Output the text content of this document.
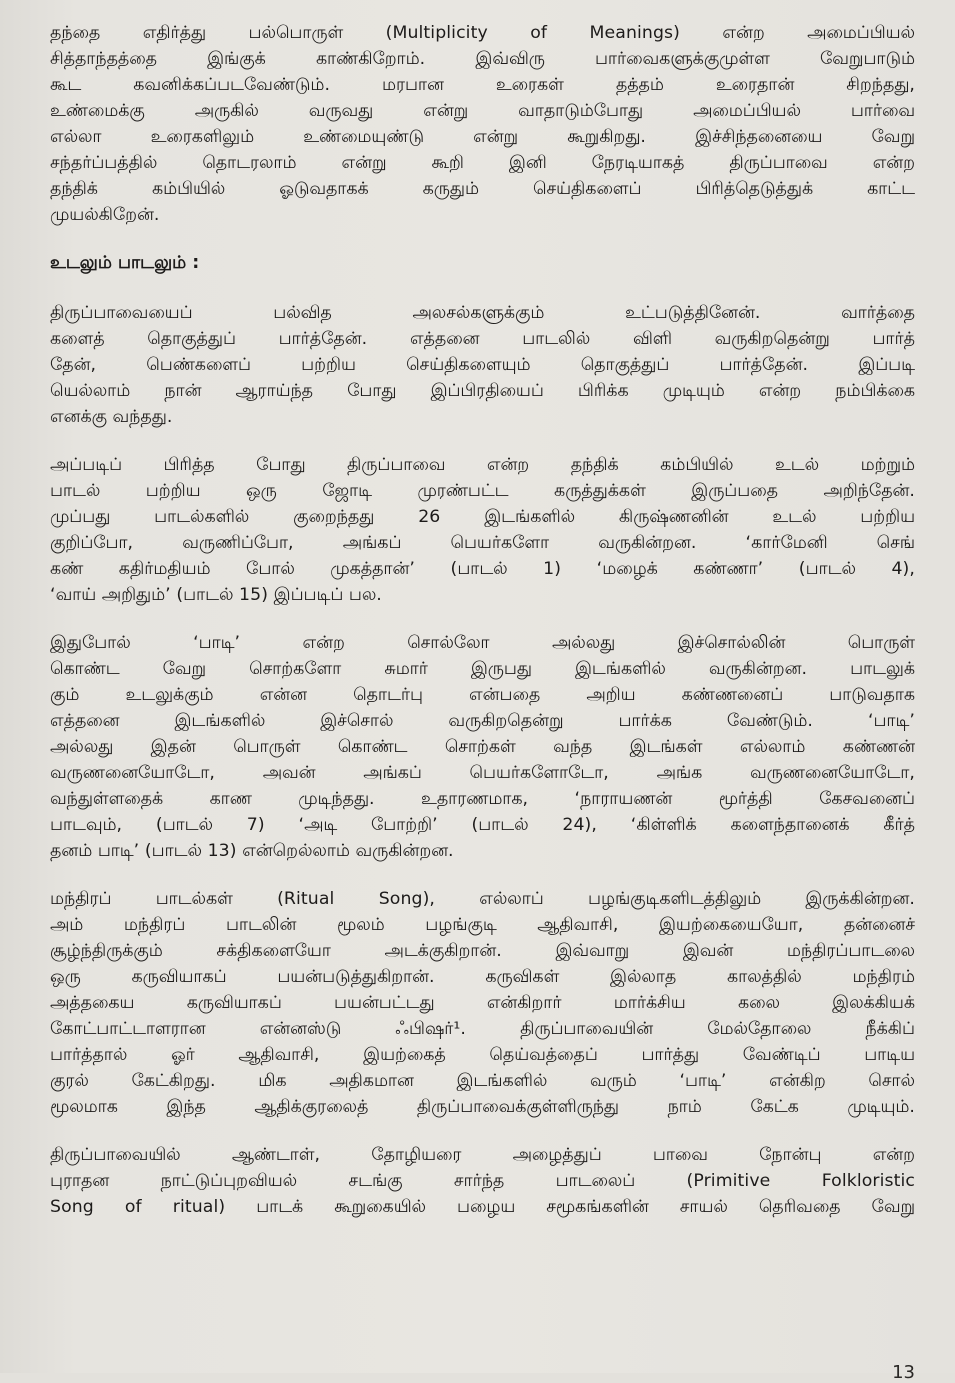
தந்தை எதிர்த்து பல்பொருள் (Multiplicity of Meanings) என்ற அமைப்பியல்
சித்தாந்தத்தை இங்குக் காண்கிறோம். இவ்விரு பார்வைகளுக்குமுள்ள வேறுபாடும்
கூட கவனிக்கப்படவேண்டும். மரபான உரைகள் தத்தம் உரைதான் சிறந்தது,
உண்மைக்கு அருகில் வருவது என்று வாதாடும்போது அமைப்பியல் பார்வை
எல்லா உரைகளிலும் உண்மையுண்டு என்று கூறுகிறது. இச்சிந்தனையை வேறு
சந்தர்ப்பத்தில் தொடரலாம் என்று கூறி இனி நேரடியாகத் திருப்பாவை என்ற
தந்திக் கம்பியில் ஓடுவதாகக் கருதும் செய்திகளைப் பிரித்தெடுத்துக் காட்ட
முயல்கிறேன்.
உடலும் பாடலும் :
திருப்பாவையைப் பல்வித அலசல்களுக்கும் உட்படுத்தினேன். வார்த்தை
களைத் தொகுத்துப் பார்த்தேன். எத்தனை பாடலில் விளி வருகிறதென்று பார்த்
தேன், பெண்களைப் பற்றிய செய்திகளையும் தொகுத்துப் பார்த்தேன். இப்படி
யெல்லாம் நான் ஆராய்ந்த போது இப்பிரதியைப் பிரிக்க முடியும் என்ற நம்பிக்கை
எனக்கு வந்தது.
அப்படிப் பிரித்த போது திருப்பாவை என்ற தந்திக் கம்பியில் உடல் மற்றும்
பாடல் பற்றிய ஒரு ஜோடி முரண்பட்ட கருத்துக்கள் இருப்பதை அறிந்தேன்.
முப்பது பாடல்களில் குறைந்தது 26 இடங்களில் கிருஷ்ணனின் உடல் பற்றிய
குறிப்போ, வருணிப்போ, அங்கப் பெயர்களோ வருகின்றன. ‘கார்மேனி செங்
கண் கதிர்மதியம் போல் முகத்தான்’ (பாடல் 1) ‘மழைக் கண்ணா’ (பாடல் 4),
‘வாய் அறிதும்’ (பாடல் 15) இப்படிப் பல.
இதுபோல் ‘பாடி’ என்ற சொல்லோ அல்லது இச்சொல்லின் பொருள்
கொண்ட வேறு சொற்களோ சுமார் இருபது இடங்களில் வருகின்றன. பாடலுக்
கும் உடலுக்கும் என்ன தொடர்பு என்பதை அறிய கண்ணனைப் பாடுவதாக
எத்தனை இடங்களில் இச்சொல் வருகிறதென்று பார்க்க வேண்டும். ‘பாடி’
அல்லது இதன் பொருள் கொண்ட சொற்கள் வந்த இடங்கள் எல்லாம் கண்ணன்
வருணனையோடோ, அவன் அங்கப் பெயர்களோடோ, அங்க வருணனையோடோ,
வந்துள்ளதைக் காண முடிந்தது. உதாரணமாக, ‘நாராயணன் மூர்த்தி கேசவனைப்
பாடவும், (பாடல் 7) ‘அடி போற்றி’ (பாடல் 24), ‘கிள்ளிக் களைந்தானைக் கீர்த்
தனம் பாடி’ (பாடல் 13) என்றெல்லாம் வருகின்றன.
மந்திரப் பாடல்கள் (Ritual Song), எல்லாப் பழங்குடிகளிடத்திலும் இருக்கின்றன.
அம் மந்திரப் பாடலின் மூலம் பழங்குடி ஆதிவாசி, இயற்கையையோ, தன்னைச்
சூழ்ந்திருக்கும் சக்திகளையோ அடக்குகிறான். இவ்வாறு இவன் மந்திரப்பாடலை
ஒரு கருவியாகப் பயன்படுத்துகிறான். கருவிகள் இல்லாத காலத்தில் மந்திரம்
அத்தகைய கருவியாகப் பயன்பட்டது என்கிறார் மார்க்சிய கலை இலக்கியக்
கோட்பாட்டாளரான என்னஸ்டு ஃபிஷர்¹. திருப்பாவையின் மேல்தோலை நீக்கிப்
பார்த்தால் ஓர் ஆதிவாசி, இயற்கைத் தெய்வத்தைப் பார்த்து வேண்டிப் பாடிய
குரல் கேட்கிறது. மிக அதிகமான இடங்களில் வரும் ‘பாடி’ என்கிற சொல்
மூலமாக இந்த ஆதிக்குரலைத் திருப்பாவைக்குள்ளிருந்து நாம் கேட்க முடியும்.
திருப்பாவையில் ஆண்டாள், தோழியரை அழைத்துப் பாவை நோன்பு என்ற
புராதன நாட்டுப்புறவியல் சடங்கு சார்ந்த பாடலைப் (Primitive Folkloristic
Song of ritual) பாடக் கூறுகையில் பழைய சமூகங்களின் சாயல் தெரிவதை வேறு
13
